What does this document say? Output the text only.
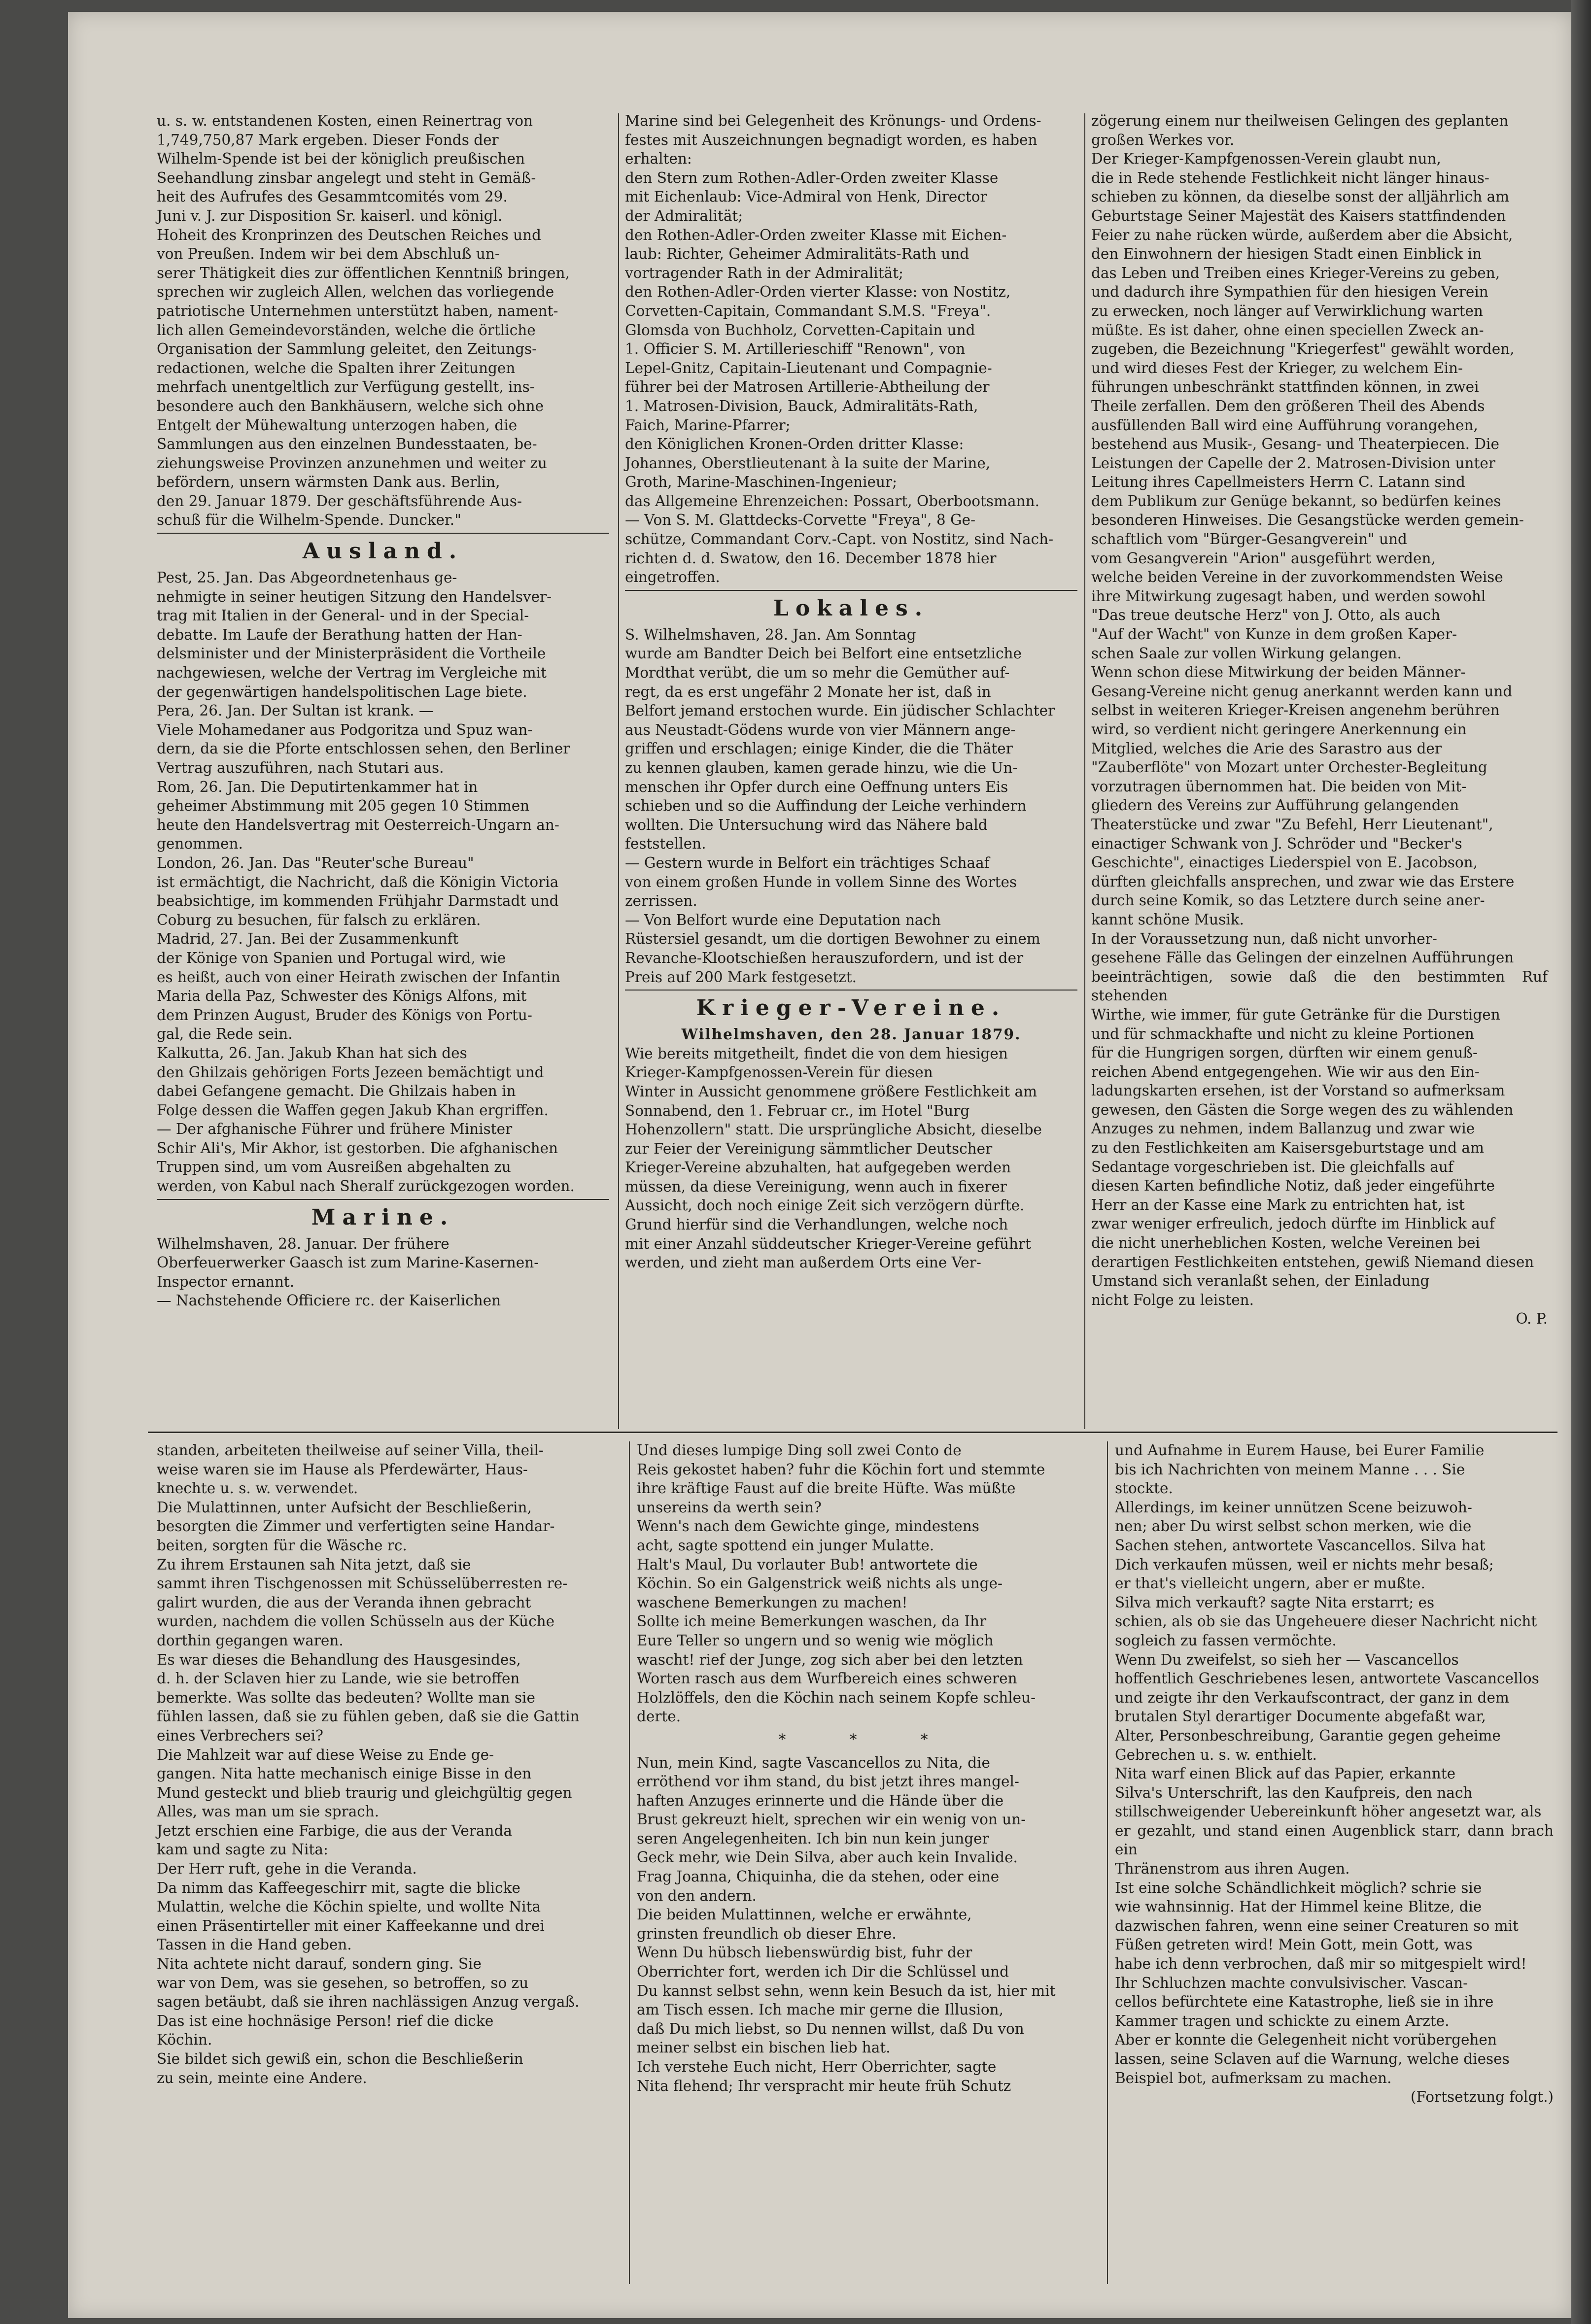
u. s. w. entstandenen Kosten, einen Reinertrag von

1,749,750,87 Mark ergeben. Dieser Fonds der

Wilhelm-Spende ist bei der königlich preußischen

Seehandlung zinsbar angelegt und steht in Gemäß-

heit des Aufrufes des Gesammtcomités vom 29.

Juni v. J. zur Disposition Sr. kaiserl. und königl.

Hoheit des Kronprinzen des Deutschen Reiches und

von Preußen. Indem wir bei dem Abschluß un-

serer Thätigkeit dies zur öffentlichen Kenntniß bringen,

sprechen wir zugleich Allen, welchen das vorliegende

patriotische Unternehmen unterstützt haben, nament-

lich allen Gemeindevorständen, welche die örtliche

Organisation der Sammlung geleitet, den Zeitungs-

redactionen, welche die Spalten ihrer Zeitungen

mehrfach unentgeltlich zur Verfügung gestellt, ins-

besondere auch den Bankhäusern, welche sich ohne

Entgelt der Mühewaltung unterzogen haben, die

Sammlungen aus den einzelnen Bundesstaaten, be-

ziehungsweise Provinzen anzunehmen und weiter zu

befördern, unsern wärmsten Dank aus. Berlin,

den 29. Januar 1879. Der geschäftsführende Aus-

schuß für die Wilhelm-Spende. Duncker."

Ausland.

Pest, 25. Jan. Das Abgeordnetenhaus ge-

nehmigte in seiner heutigen Sitzung den Handelsver-

trag mit Italien in der General- und in der Special-

debatte. Im Laufe der Berathung hatten der Han-

delsminister und der Ministerpräsident die Vortheile

nachgewiesen, welche der Vertrag im Vergleiche mit

der gegenwärtigen handelspolitischen Lage biete.

Pera, 26. Jan. Der Sultan ist krank. —

Viele Mohamedaner aus Podgoritza und Spuz wan-

dern, da sie die Pforte entschlossen sehen, den Berliner

Vertrag auszuführen, nach Stutari aus.

Rom, 26. Jan. Die Deputirtenkammer hat in

geheimer Abstimmung mit 205 gegen 10 Stimmen

heute den Handelsvertrag mit Oesterreich-Ungarn an-

genommen.

London, 26. Jan. Das "Reuter'sche Bureau"

ist ermächtigt, die Nachricht, daß die Königin Victoria

beabsichtige, im kommenden Frühjahr Darmstadt und

Coburg zu besuchen, für falsch zu erklären.

Madrid, 27. Jan. Bei der Zusammenkunft

der Könige von Spanien und Portugal wird, wie

es heißt, auch von einer Heirath zwischen der Infantin

Maria della Paz, Schwester des Königs Alfons, mit

dem Prinzen August, Bruder des Königs von Portu-

gal, die Rede sein.

Kalkutta, 26. Jan. Jakub Khan hat sich des

den Ghilzais gehörigen Forts Jezeen bemächtigt und

dabei Gefangene gemacht. Die Ghilzais haben in

Folge dessen die Waffen gegen Jakub Khan ergriffen.

— Der afghanische Führer und frühere Minister

Schir Ali's, Mir Akhor, ist gestorben. Die afghanischen

Truppen sind, um vom Ausreißen abgehalten zu

werden, von Kabul nach Sheralf zurückgezogen worden.

Marine.

Wilhelmshaven, 28. Januar. Der frühere

Oberfeuerwerker Gaasch ist zum Marine-Kasernen-

Inspector ernannt.

— Nachstehende Officiere rc. der Kaiserlichen

Marine sind bei Gelegenheit des Krönungs- und Ordens-

festes mit Auszeichnungen begnadigt worden, es haben

erhalten:

den Stern zum Rothen-Adler-Orden zweiter Klasse

mit Eichenlaub: Vice-Admiral von Henk, Director

der Admiralität;

den Rothen-Adler-Orden zweiter Klasse mit Eichen-

laub: Richter, Geheimer Admiralitäts-Rath und

vortragender Rath in der Admiralität;

den Rothen-Adler-Orden vierter Klasse: von Nostitz,

Corvetten-Capitain, Commandant S.M.S. "Freya".

Glomsda von Buchholz, Corvetten-Capitain und

1. Officier S. M. Artillerieschiff "Renown", von

Lepel-Gnitz, Capitain-Lieutenant und Compagnie-

führer bei der Matrosen Artillerie-Abtheilung der

1. Matrosen-Division, Bauck, Admiralitäts-Rath,

Faich, Marine-Pfarrer;

den Königlichen Kronen-Orden dritter Klasse:

Johannes, Oberstlieutenant à la suite der Marine,

Groth, Marine-Maschinen-Ingenieur;

das Allgemeine Ehrenzeichen: Possart, Oberbootsmann.

— Von S. M. Glattdecks-Corvette "Freya", 8 Ge-

schütze, Commandant Corv.-Capt. von Nostitz, sind Nach-

richten d. d. Swatow, den 16. December 1878 hier

eingetroffen.

Lokales.

S. Wilhelmshaven, 28. Jan. Am Sonntag

wurde am Bandter Deich bei Belfort eine entsetzliche

Mordthat verübt, die um so mehr die Gemüther auf-

regt, da es erst ungefähr 2 Monate her ist, daß in

Belfort jemand erstochen wurde. Ein jüdischer Schlachter

aus Neustadt-Gödens wurde von vier Männern ange-

griffen und erschlagen; einige Kinder, die die Thäter

zu kennen glauben, kamen gerade hinzu, wie die Un-

menschen ihr Opfer durch eine Oeffnung unters Eis

schieben und so die Auffindung der Leiche verhindern

wollten. Die Untersuchung wird das Nähere bald

feststellen.

— Gestern wurde in Belfort ein trächtiges Schaaf

von einem großen Hunde in vollem Sinne des Wortes

zerrissen.

— Von Belfort wurde eine Deputation nach

Rüstersiel gesandt, um die dortigen Bewohner zu einem

Revanche-Klootschießen herauszufordern, und ist der

Preis auf 200 Mark festgesetzt.

Krieger-Vereine.

Wilhelmshaven, den 28. Januar 1879.

Wie bereits mitgetheilt, findet die von dem hiesigen

Krieger-Kampfgenossen-Verein für diesen

Winter in Aussicht genommene größere Festlichkeit am

Sonnabend, den 1. Februar cr., im Hotel "Burg

Hohenzollern" statt. Die ursprüngliche Absicht, dieselbe

zur Feier der Vereinigung sämmtlicher Deutscher

Krieger-Vereine abzuhalten, hat aufgegeben werden

müssen, da diese Vereinigung, wenn auch in fixerer

Aussicht, doch noch einige Zeit sich verzögern dürfte.

Grund hierfür sind die Verhandlungen, welche noch

mit einer Anzahl süddeutscher Krieger-Vereine geführt

werden, und zieht man außerdem Orts eine Ver-

zögerung einem nur theilweisen Gelingen des geplanten

großen Werkes vor.

Der Krieger-Kampfgenossen-Verein glaubt nun,

die in Rede stehende Festlichkeit nicht länger hinaus-

schieben zu können, da dieselbe sonst der alljährlich am

Geburtstage Seiner Majestät des Kaisers stattfindenden

Feier zu nahe rücken würde, außerdem aber die Absicht,

den Einwohnern der hiesigen Stadt einen Einblick in

das Leben und Treiben eines Krieger-Vereins zu geben,

und dadurch ihre Sympathien für den hiesigen Verein

zu erwecken, noch länger auf Verwirklichung warten

müßte. Es ist daher, ohne einen speciellen Zweck an-

zugeben, die Bezeichnung "Kriegerfest" gewählt worden,

und wird dieses Fest der Krieger, zu welchem Ein-

führungen unbeschränkt stattfinden können, in zwei

Theile zerfallen. Dem den größeren Theil des Abends

ausfüllenden Ball wird eine Aufführung vorangehen,

bestehend aus Musik-, Gesang- und Theaterpiecen. Die

Leistungen der Capelle der 2. Matrosen-Division unter

Leitung ihres Capellmeisters Herrn C. Latann sind

dem Publikum zur Genüge bekannt, so bedürfen keines

besonderen Hinweises. Die Gesangstücke werden gemein-

schaftlich vom "Bürger-Gesangverein" und

vom Gesangverein "Arion" ausgeführt werden,

welche beiden Vereine in der zuvorkommendsten Weise

ihre Mitwirkung zugesagt haben, und werden sowohl

"Das treue deutsche Herz" von J. Otto, als auch

"Auf der Wacht" von Kunze in dem großen Kaper-

schen Saale zur vollen Wirkung gelangen.

Wenn schon diese Mitwirkung der beiden Männer-

Gesang-Vereine nicht genug anerkannt werden kann und

selbst in weiteren Krieger-Kreisen angenehm berühren

wird, so verdient nicht geringere Anerkennung ein

Mitglied, welches die Arie des Sarastro aus der

"Zauberflöte" von Mozart unter Orchester-Begleitung

vorzutragen übernommen hat. Die beiden von Mit-

gliedern des Vereins zur Aufführung gelangenden

Theaterstücke und zwar "Zu Befehl, Herr Lieutenant",

einactiger Schwank von J. Schröder und "Becker's

Geschichte", einactiges Liederspiel von E. Jacobson,

dürften gleichfalls ansprechen, und zwar wie das Erstere

durch seine Komik, so das Letztere durch seine aner-

kannt schöne Musik.

In der Voraussetzung nun, daß nicht unvorher-

gesehene Fälle das Gelingen der einzelnen Aufführungen

beeinträchtigen, sowie daß die den bestimmten Ruf stehenden

Wirthe, wie immer, für gute Getränke für die Durstigen

und für schmackhafte und nicht zu kleine Portionen

für die Hungrigen sorgen, dürften wir einem genuß-

reichen Abend entgegengehen. Wie wir aus den Ein-

ladungskarten ersehen, ist der Vorstand so aufmerksam

gewesen, den Gästen die Sorge wegen des zu wählenden

Anzuges zu nehmen, indem Ballanzug und zwar wie

zu den Festlichkeiten am Kaisersgeburtstage und am

Sedantage vorgeschrieben ist. Die gleichfalls auf

diesen Karten befindliche Notiz, daß jeder eingeführte

Herr an der Kasse eine Mark zu entrichten hat, ist

zwar weniger erfreulich, jedoch dürfte im Hinblick auf

die nicht unerheblichen Kosten, welche Vereinen bei

derartigen Festlichkeiten entstehen, gewiß Niemand diesen

Umstand sich veranlaßt sehen, der Einladung

nicht Folge zu leisten.

O. P.

standen, arbeiteten theilweise auf seiner Villa, theil-

weise waren sie im Hause als Pferdewärter, Haus-

knechte u. s. w. verwendet.

Die Mulattinnen, unter Aufsicht der Beschließerin,

besorgten die Zimmer und verfertigten seine Handar-

beiten, sorgten für die Wäsche rc.

Zu ihrem Erstaunen sah Nita jetzt, daß sie

sammt ihren Tischgenossen mit Schüsselüberresten re-

galirt wurden, die aus der Veranda ihnen gebracht

wurden, nachdem die vollen Schüsseln aus der Küche

dorthin gegangen waren.

Es war dieses die Behandlung des Hausgesindes,

d. h. der Sclaven hier zu Lande, wie sie betroffen

bemerkte. Was sollte das bedeuten? Wollte man sie

fühlen lassen, daß sie zu fühlen geben, daß sie die Gattin

eines Verbrechers sei?

Die Mahlzeit war auf diese Weise zu Ende ge-

gangen. Nita hatte mechanisch einige Bisse in den

Mund gesteckt und blieb traurig und gleichgültig gegen

Alles, was man um sie sprach.

Jetzt erschien eine Farbige, die aus der Veranda

kam und sagte zu Nita:

Der Herr ruft, gehe in die Veranda.

Da nimm das Kaffeegeschirr mit, sagte die blicke

Mulattin, welche die Köchin spielte, und wollte Nita

einen Präsentirteller mit einer Kaffeekanne und drei

Tassen in die Hand geben.

Nita achtete nicht darauf, sondern ging. Sie

war von Dem, was sie gesehen, so betroffen, so zu

sagen betäubt, daß sie ihren nachlässigen Anzug vergaß.

Das ist eine hochnäsige Person! rief die dicke

Köchin.

Sie bildet sich gewiß ein, schon die Beschließerin

zu sein, meinte eine Andere.

Und dieses lumpige Ding soll zwei Conto de

Reis gekostet haben? fuhr die Köchin fort und stemmte

ihre kräftige Faust auf die breite Hüfte. Was müßte

unsereins da werth sein?

Wenn's nach dem Gewichte ginge, mindestens

acht, sagte spottend ein junger Mulatte.

Halt's Maul, Du vorlauter Bub! antwortete die

Köchin. So ein Galgenstrick weiß nichts als unge-

waschene Bemerkungen zu machen!

Sollte ich meine Bemerkungen waschen, da Ihr

Eure Teller so ungern und so wenig wie möglich

wascht! rief der Junge, zog sich aber bei den letzten

Worten rasch aus dem Wurfbereich eines schweren

Holzlöffels, den die Köchin nach seinem Kopfe schleu-

derte.

* * *

Nun, mein Kind, sagte Vascancellos zu Nita, die

erröthend vor ihm stand, du bist jetzt ihres mangel-

haften Anzuges erinnerte und die Hände über die

Brust gekreuzt hielt, sprechen wir ein wenig von un-

seren Angelegenheiten. Ich bin nun kein junger

Geck mehr, wie Dein Silva, aber auch kein Invalide.

Frag Joanna, Chiquinha, die da stehen, oder eine

von den andern.

Die beiden Mulattinnen, welche er erwähnte,

grinsten freundlich ob dieser Ehre.

Wenn Du hübsch liebenswürdig bist, fuhr der

Oberrichter fort, werden ich Dir die Schlüssel und

Du kannst selbst sehn, wenn kein Besuch da ist, hier mit

am Tisch essen. Ich mache mir gerne die Illusion,

daß Du mich liebst, so Du nennen willst, daß Du von

meiner selbst ein bischen lieb hat.

Ich verstehe Euch nicht, Herr Oberrichter, sagte

Nita flehend; Ihr verspracht mir heute früh Schutz

und Aufnahme in Eurem Hause, bei Eurer Familie

bis ich Nachrichten von meinem Manne . . . Sie

stockte.

Allerdings, im keiner unnützen Scene beizuwoh-

nen; aber Du wirst selbst schon merken, wie die

Sachen stehen, antwortete Vascancellos. Silva hat

Dich verkaufen müssen, weil er nichts mehr besaß;

er that's vielleicht ungern, aber er mußte.

Silva mich verkauft? sagte Nita erstarrt; es

schien, als ob sie das Ungeheuere dieser Nachricht nicht

sogleich zu fassen vermöchte.

Wenn Du zweifelst, so sieh her — Vascancellos

hoffentlich Geschriebenes lesen, antwortete Vascancellos

und zeigte ihr den Verkaufscontract, der ganz in dem

brutalen Styl derartiger Documente abgefaßt war,

Alter, Personbeschreibung, Garantie gegen geheime

Gebrechen u. s. w. enthielt.

Nita warf einen Blick auf das Papier, erkannte

Silva's Unterschrift, las den Kaufpreis, den nach

stillschweigender Uebereinkunft höher angesetzt war, als

er gezahlt, und stand einen Augenblick starr, dann brach ein

Thränenstrom aus ihren Augen.

Ist eine solche Schändlichkeit möglich? schrie sie

wie wahnsinnig. Hat der Himmel keine Blitze, die

dazwischen fahren, wenn eine seiner Creaturen so mit

Füßen getreten wird! Mein Gott, mein Gott, was

habe ich denn verbrochen, daß mir so mitgespielt wird!

Ihr Schluchzen machte convulsivischer. Vascan-

cellos befürchtete eine Katastrophe, ließ sie in ihre

Kammer tragen und schickte zu einem Arzte.

Aber er konnte die Gelegenheit nicht vorübergehen

lassen, seine Sclaven auf die Warnung, welche dieses

Beispiel bot, aufmerksam zu machen.

(Fortsetzung folgt.)
